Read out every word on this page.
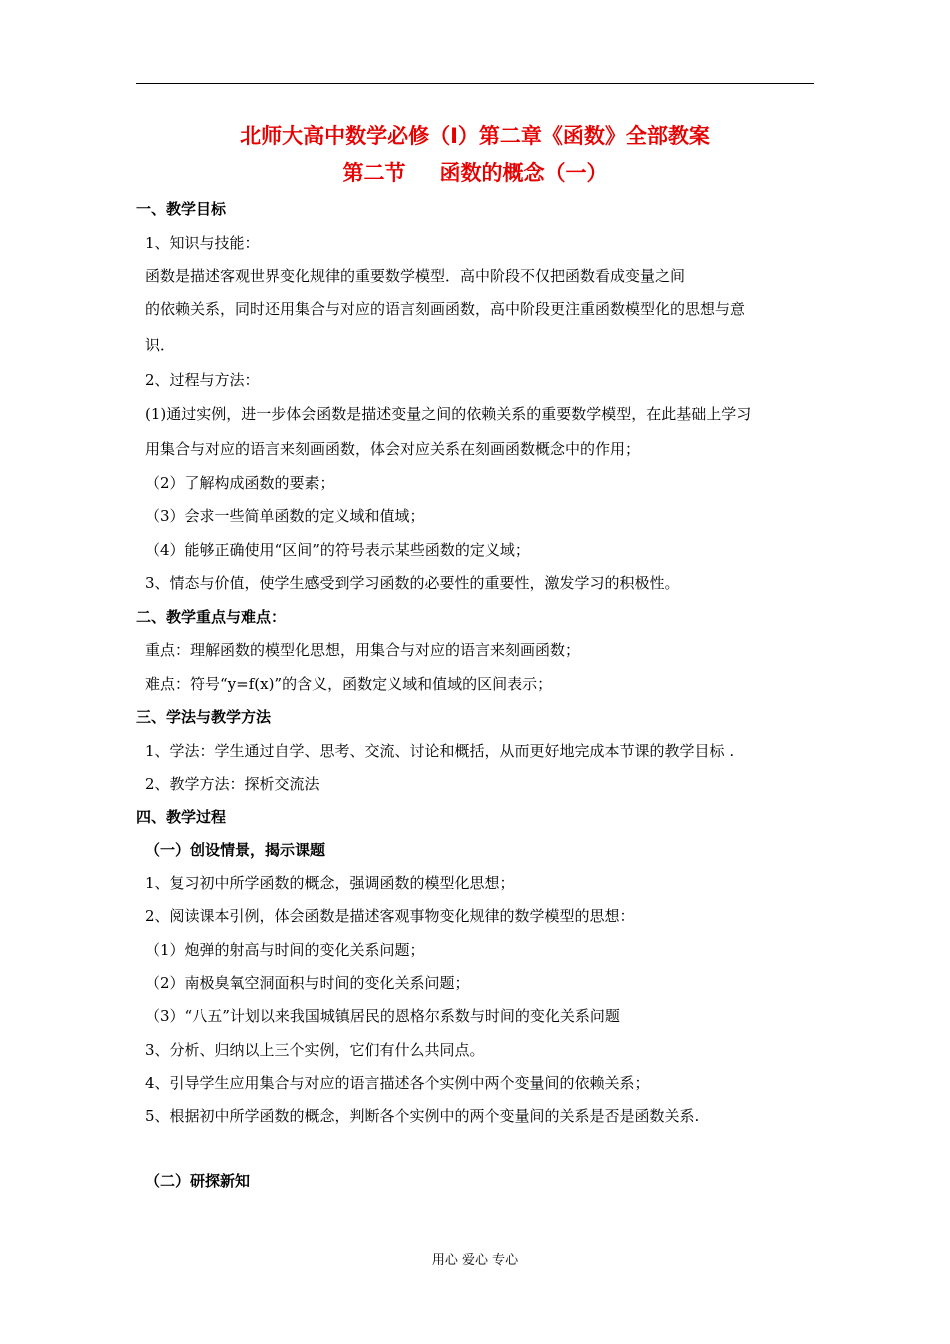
北师大高中数学必修（Ⅰ）第二章《函数》全部教案
第二节 函数的概念（一）
一、教学目标
1、知识与技能：
函数是描述客观世界变化规律的重要数学模型．高中阶段不仅把函数看成变量之间
的依赖关系，同时还用集合与对应的语言刻画函数，高中阶段更注重函数模型化的思想与意
识．
2、过程与方法：
(1)通过实例，进一步体会函数是描述变量之间的依赖关系的重要数学模型，在此基础上学习
用集合与对应的语言来刻画函数，体会对应关系在刻画函数概念中的作用；
（2）了解构成函数的要素；
（3）会求一些简单函数的定义域和值域；
（4）能够正确使用“区间”的符号表示某些函数的定义域；
3、情态与价值，使学生感受到学习函数的必要性的重要性，激发学习的积极性。
二、教学重点与难点：
重点：理解函数的模型化思想，用集合与对应的语言来刻画函数；
难点：符号“y=f(x)”的含义，函数定义域和值域的区间表示；
三、学法与教学方法
1、学法：学生通过自学、思考、交流、讨论和概括，从而更好地完成本节课的教学目标 .
2、教学方法：探析交流法
四、教学过程
（一）创设情景，揭示课题
1、复习初中所学函数的概念，强调函数的模型化思想；
2、阅读课本引例，体会函数是描述客观事物变化规律的数学模型的思想：
（1）炮弹的射高与时间的变化关系问题；
（2）南极臭氧空洞面积与时间的变化关系问题；
（3）“八五”计划以来我国城镇居民的恩格尔系数与时间的变化关系问题
3、分析、归纳以上三个实例，它们有什么共同点。
4、引导学生应用集合与对应的语言描述各个实例中两个变量间的依赖关系；
5、根据初中所学函数的概念，判断各个实例中的两个变量间的关系是否是函数关系.
（二）研探新知
用心 爱心 专心
